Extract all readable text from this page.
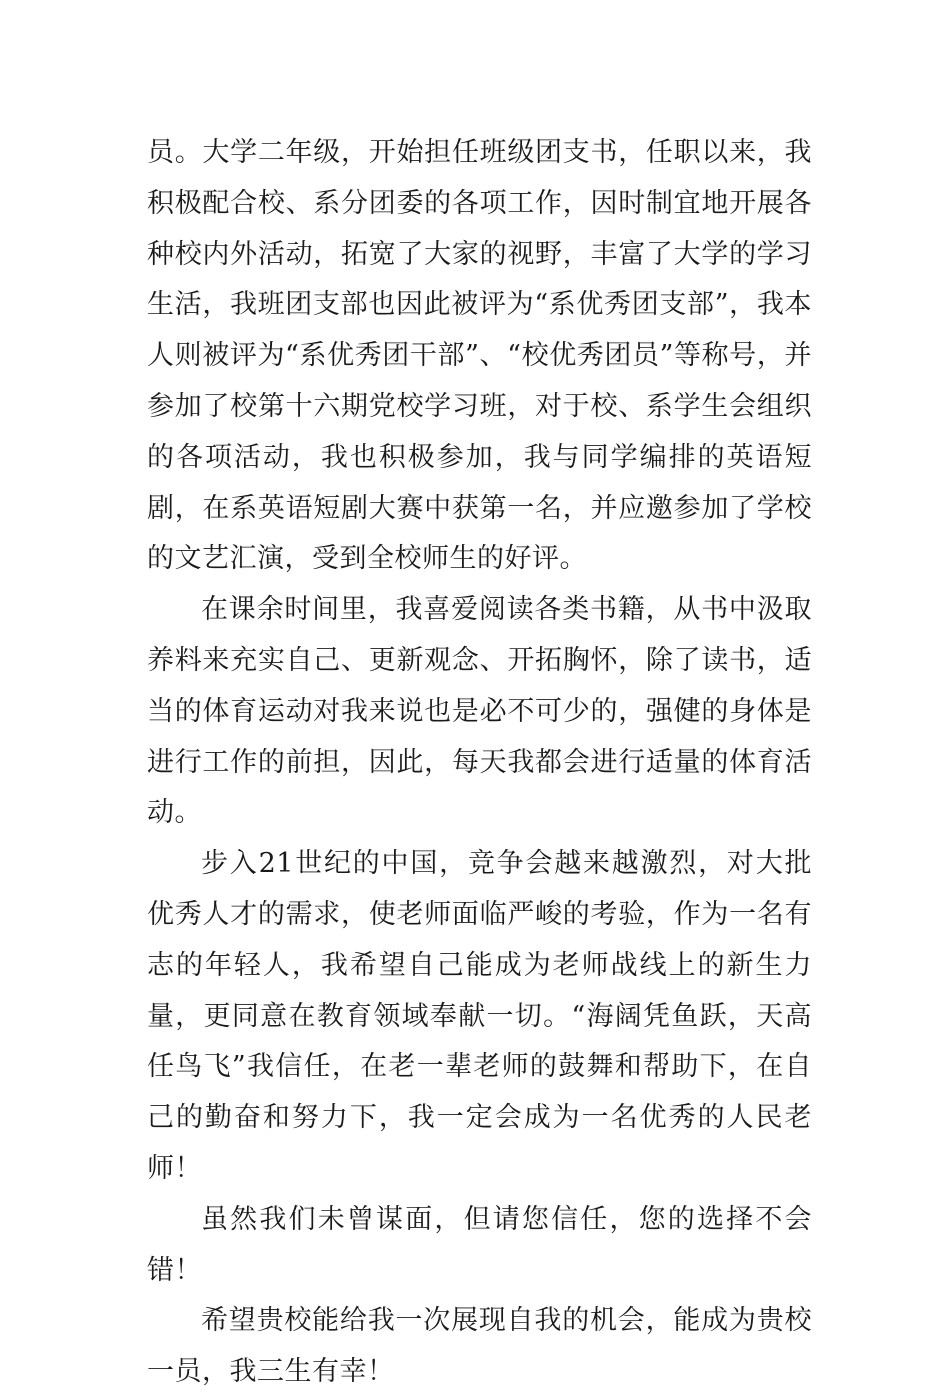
员。大学二年级，开始担任班级团支书，任职以来，我积极配合校、系分团委的各项工作，因时制宜地开展各种校内外活动，拓宽了大家的视野，丰富了大学的学习生活，我班团支部也因此被评为“系优秀团支部”，我本人则被评为“系优秀团干部”、“校优秀团员”等称号，并参加了校第十六期党校学习班，对于校、系学生会组织的各项活动，我也积极参加，我与同学编排的英语短剧，在系英语短剧大赛中获第一名，并应邀参加了学校的文艺汇演，受到全校师生的好评。

在课余时间里，我喜爱阅读各类书籍，从书中汲取养料来充实自己、更新观念、开拓胸怀，除了读书，适当的体育运动对我来说也是必不可少的，强健的身体是进行工作的前担，因此，每天我都会进行适量的体育活动。

步入21世纪的中国，竞争会越来越激烈，对大批优秀人才的需求，使老师面临严峻的考验，作为一名有志的年轻人，我希望自己能成为老师战线上的新生力量，更同意在教育领域奉献一切。“海阔凭鱼跃，天高任鸟飞”我信任，在老一辈老师的鼓舞和帮助下，在自己的勤奋和努力下，我一定会成为一名优秀的人民老师！

虽然我们未曾谋面，但请您信任，您的选择不会错！

希望贵校能给我一次展现自我的机会，能成为贵校一员，我三生有幸！
